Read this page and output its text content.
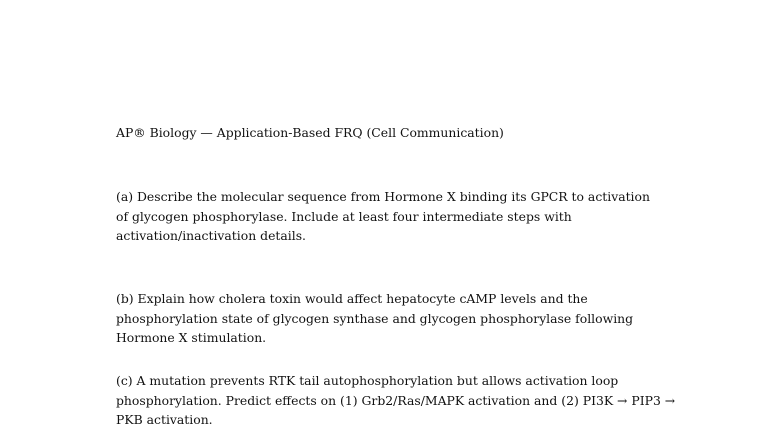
AP® Biology — Application-Based FRQ (Cell Communication)
(a) Describe the molecular sequence from Hormone X binding its GPCR to activation of glycogen phosphorylase. Include at least four intermediate steps with activation/inactivation details.
(b) Explain how cholera toxin would affect hepatocyte cAMP levels and the phosphorylation state of glycogen synthase and glycogen phosphorylase following Hormone X stimulation.
(c) A mutation prevents RTK tail autophosphorylation but allows activation loop phosphorylation. Predict effects on (1) Grb2/Ras/MAPK activation and (2) PI3K → PIP3 → PKB activation.
